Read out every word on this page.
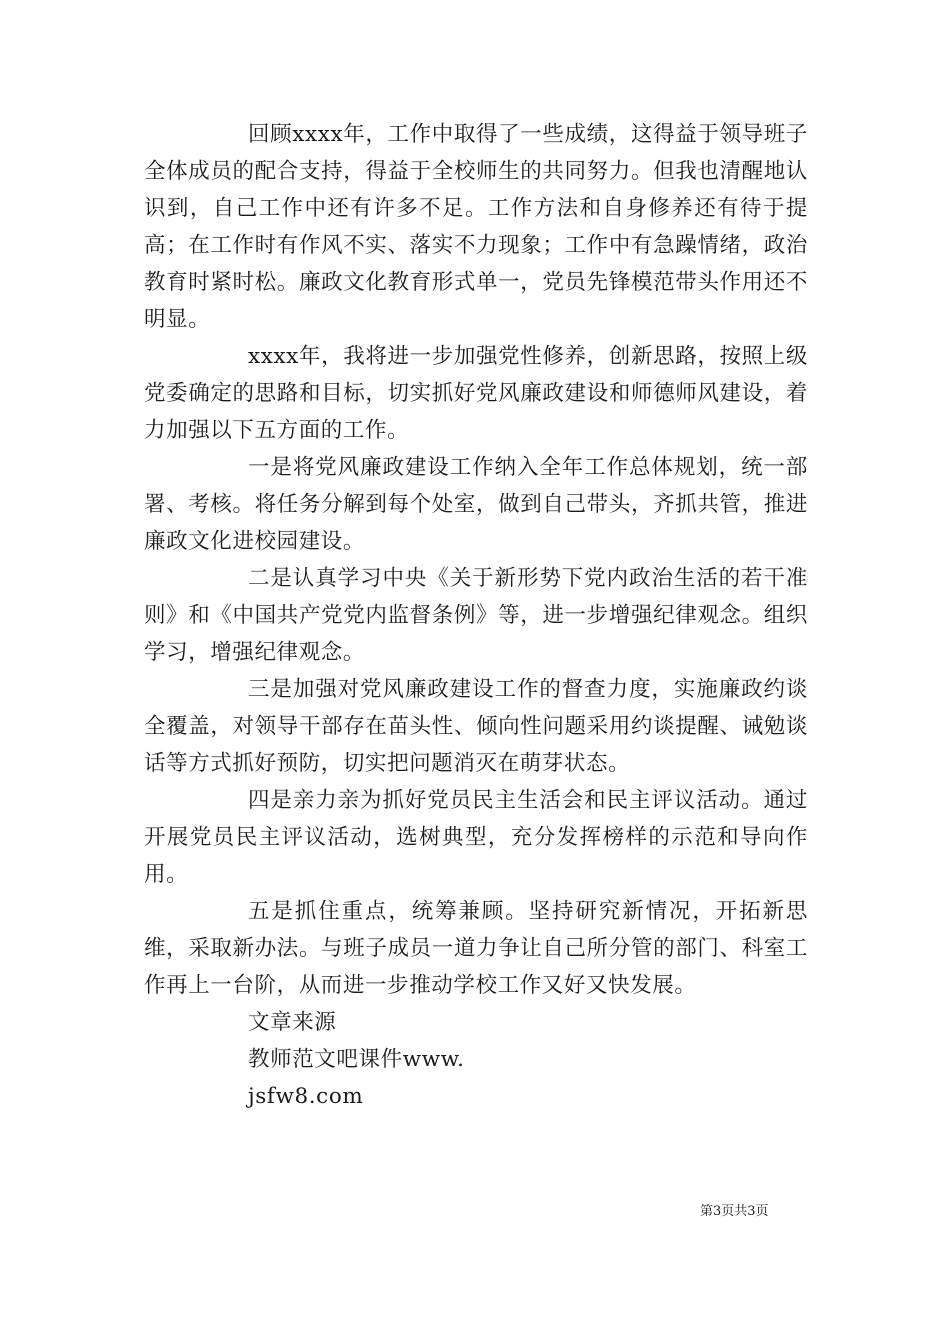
回顾xxxx年，工作中取得了一些成绩，这得益于领导班子全体成员的配合支持，得益于全校师生的共同努力。但我也清醒地认识到，自己工作中还有许多不足。工作方法和自身修养还有待于提高；在工作时有作风不实、落实不力现象；工作中有急躁情绪，政治教育时紧时松。廉政文化教育形式单一，党员先锋模范带头作用还不明显。

xxxx年，我将进一步加强党性修养，创新思路，按照上级党委确定的思路和目标，切实抓好党风廉政建设和师德师风建设，着力加强以下五方面的工作。

一是将党风廉政建设工作纳入全年工作总体规划，统一部署、考核。将任务分解到每个处室，做到自己带头，齐抓共管，推进廉政文化进校园建设。

二是认真学习中央《关于新形势下党内政治生活的若干准则》和《中国共产党党内监督条例》等，进一步增强纪律观念。组织学习，增强纪律观念。

三是加强对党风廉政建设工作的督查力度，实施廉政约谈全覆盖，对领导干部存在苗头性、倾向性问题采用约谈提醒、诫勉谈话等方式抓好预防，切实把问题消灭在萌芽状态。

四是亲力亲为抓好党员民主生活会和民主评议活动。通过开展党员民主评议活动，选树典型，充分发挥榜样的示范和导向作用。

五是抓住重点，统筹兼顾。坚持研究新情况，开拓新思维，采取新办法。与班子成员一道力争让自己所分管的部门、科室工作再上一台阶，从而进一步推动学校工作又好又快发展。

文章来源

教师范文吧课件www.

jsfw8.com

第3页共3页
